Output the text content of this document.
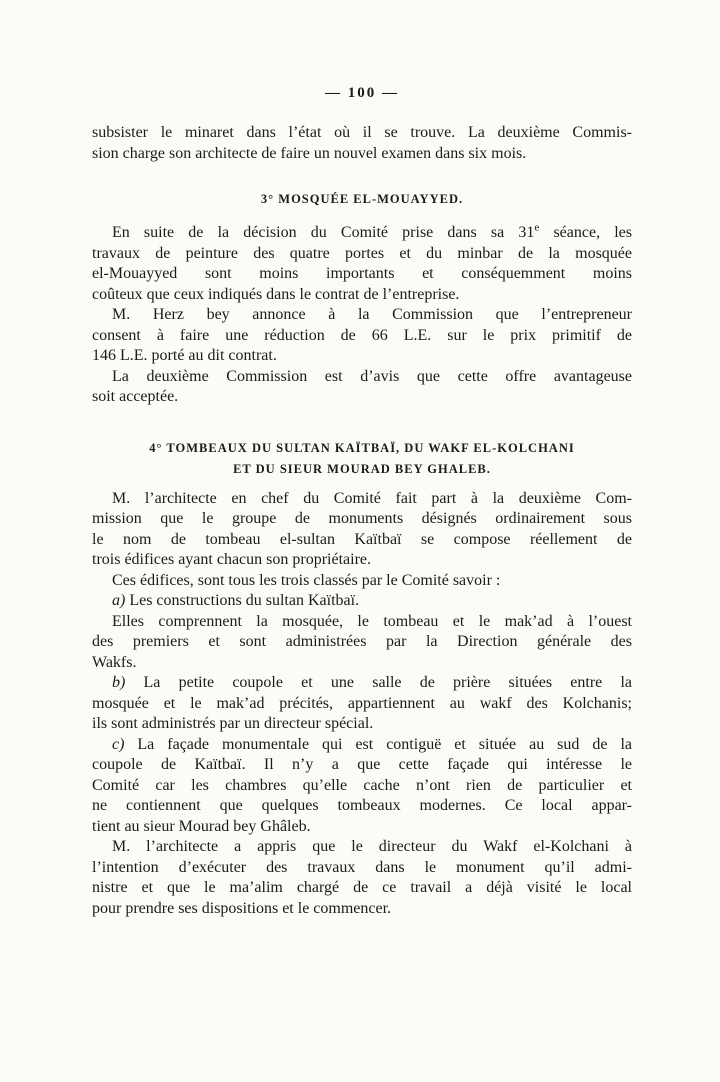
— 100 —
subsister le minaret dans l’état où il se trouve. La deuxième Commis-
sion charge son architecte de faire un nouvel examen dans six mois.
3° MOSQUÉE EL-MOUAYYED.
En suite de la décision du Comité prise dans sa 31e séance, les
travaux de peinture des quatre portes et du minbar de la mosquée
el-Mouayyed sont moins importants et conséquemment moins
coûteux que ceux indiqués dans le contrat de l’entreprise.
M. Herz bey annonce à la Commission que l’entrepreneur
consent à faire une réduction de 66 L.E. sur le prix primitif de
146 L.E. porté au dit contrat.
La deuxième Commission est d’avis que cette offre avantageuse
soit acceptée.
4° TOMBEAUX DU SULTAN KAÏTBAÏ, DU WAKF EL-KOLCHANI
ET DU SIEUR MOURAD BEY GHALEB.
M. l’architecte en chef du Comité fait part à la deuxième Com-
mission que le groupe de monuments désignés ordinairement sous
le nom de tombeau el-sultan Kaïtbaï se compose réellement de
trois édifices ayant chacun son propriétaire.
Ces édifices, sont tous les trois classés par le Comité savoir :
a) Les constructions du sultan Kaïtbaï.
Elles comprennent la mosquée, le tombeau et le mak’ad à l’ouest
des premiers et sont administrées par la Direction générale des
Wakfs.
b) La petite coupole et une salle de prière situées entre la
mosquée et le mak’ad précités, appartiennent au wakf des Kolchanis;
ils sont administrés par un directeur spécial.
c) La façade monumentale qui est contiguë et située au sud de la
coupole de Kaïtbaï. Il n’y a que cette façade qui intéresse le
Comité car les chambres qu’elle cache n’ont rien de particulier et
ne contiennent que quelques tombeaux modernes. Ce local appar-
tient au sieur Mourad bey Ghâleb.
M. l’architecte a appris que le directeur du Wakf el-Kolchani à
l’intention d’exécuter des travaux dans le monument qu’il admi-
nistre et que le ma’alim chargé de ce travail a déjà visité le local
pour prendre ses dispositions et le commencer.
